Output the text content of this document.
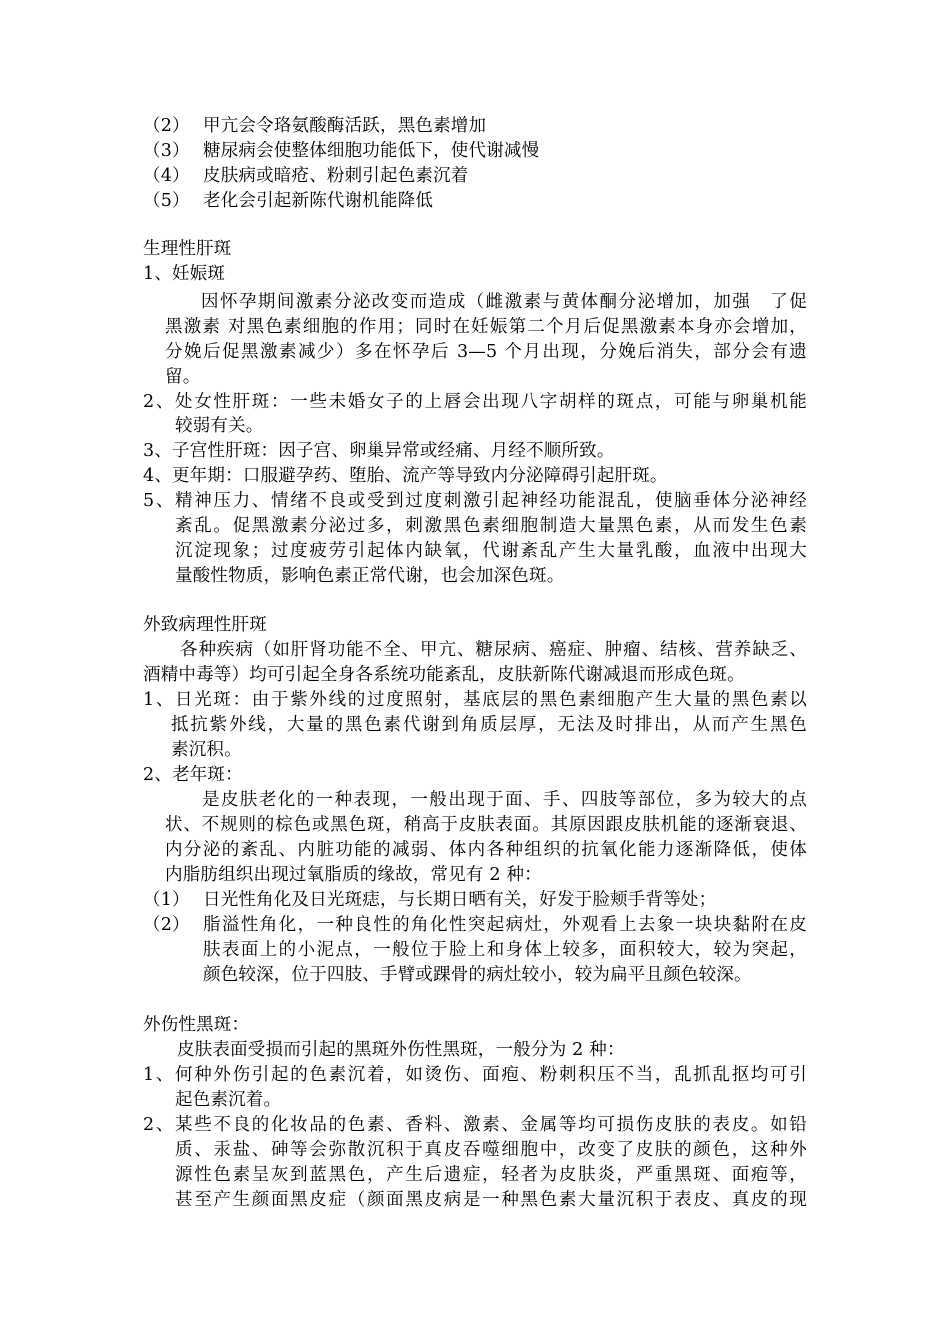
（2） 甲亢会令珞氨酸酶活跃，黑色素增加
（3） 糖尿病会使整体细胞功能低下，使代谢减慢
（4） 皮肤病或暗疮、粉刺引起色素沉着
（5） 老化会引起新陈代谢机能降低
生理性肝斑
1、妊娠斑
因怀孕期间激素分泌改变而造成（雌激素与黄体酮分泌增加，加强　了促
黑激素 对黑色素细胞的作用；同时在妊娠第二个月后促黑激素本身亦会增加，
分娩后促黑激素减少）多在怀孕后 3—5 个月出现，分娩后消失，部分会有遗
留。
2、处女性肝斑：一些未婚女子的上唇会出现八字胡样的斑点，可能与卵巢机能
较弱有关。
3、子宫性肝斑：因子宫、卵巢异常或经痛、月经不顺所致。
4、更年期：口服避孕药、堕胎、流产等导致内分泌障碍引起肝斑。
5、精神压力、情绪不良或受到过度刺激引起神经功能混乱，使脑垂体分泌神经
紊乱。促黑激素分泌过多，刺激黑色素细胞制造大量黑色素，从而发生色素
沉淀现象；过度疲劳引起体内缺氧，代谢紊乱产生大量乳酸，血液中出现大
量酸性物质，影响色素正常代谢，也会加深色斑。
外致病理性肝斑
各种疾病（如肝肾功能不全、甲亢、糖尿病、癌症、肿瘤、结核、营养缺乏、
酒精中毒等）均可引起全身各系统功能紊乱，皮肤新陈代谢减退而形成色斑。
1、日光斑：由于紫外线的过度照射，基底层的黑色素细胞产生大量的黑色素以
抵抗紫外线，大量的黑色素代谢到角质层厚，无法及时排出，从而产生黑色
素沉积。
2、老年斑：
是皮肤老化的一种表现，一般出现于面、手、四肢等部位，多为较大的点
状、不规则的棕色或黑色斑，稍高于皮肤表面。其原因跟皮肤机能的逐渐衰退、
内分泌的紊乱、内脏功能的减弱、体内各种组织的抗氧化能力逐渐降低，使体
内脂肪组织出现过氧脂质的缘故，常见有 2 种：
（1） 日光性角化及日光斑痣，与长期日晒有关，好发于脸颊手背等处；
（2） 脂溢性角化，一种良性的角化性突起病灶，外观看上去象一块块黏附在皮
肤表面上的小泥点，一般位于脸上和身体上较多，面积较大，较为突起，
颜色较深，位于四肢、手臂或踝骨的病灶较小，较为扁平且颜色较深。
外伤性黑斑：
皮肤表面受损而引起的黑斑外伤性黑斑，一般分为 2 种：
1、何种外伤引起的色素沉着，如烫伤、面疱、粉刺积压不当，乱抓乱抠均可引
起色素沉着。
2、某些不良的化妆品的色素、香料、激素、金属等均可损伤皮肤的表皮。如铅
质、汞盐、砷等会弥散沉积于真皮吞噬细胞中，改变了皮肤的颜色，这种外
源性色素呈灰到蓝黑色，产生后遗症，轻者为皮肤炎，严重黑斑、面疱等，
甚至产生颜面黑皮症（颜面黑皮病是一种黑色素大量沉积于表皮、真皮的现
